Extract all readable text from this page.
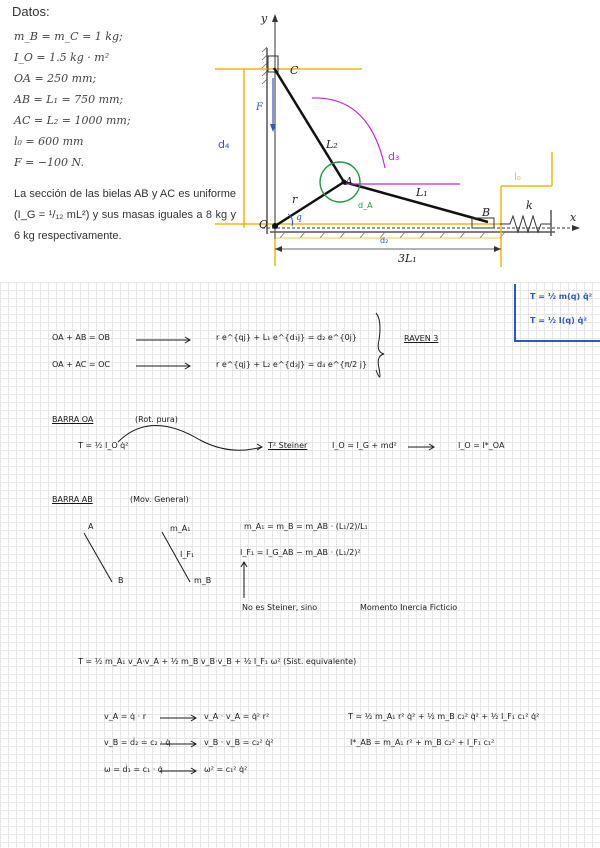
Datos:
m_B = m_C = 1 kg;
I_O = 1.5 kg · m²
OA = 250 mm;
AB = L₁ = 750 mm;
AC = L₂ = 1000 mm;
l₀ = 600 mm
F = −100 N.
La sección de las bielas AB y AC es uniforme (I_G = ¹/₁₂ mL²) y sus masas iguales a 8 kg y 6 kg respectivamente.
y
x
C
F
d₄	L₂
d₃
A
L₁
l₀
r
q
d_A
O
B
k
d₂
3L₁
T = ½ m(q) q̇²
T = ½ I(q) q̇²
OA + AB = OB	r e^{qj} + L₁ e^{d₁j} = d₂ e^{0j}
OA + AC = OC	r e^{qj} + L₂ e^{d₃j} = d₄ e^{π/2 j}
RAVEN 3
BARRA OA	(Rot. pura)
T = ½ I_O q̇²	T² Steiner	I_O = I_G + md²	I_O = I*_OA
BARRA AB	(Mov. General)
A
B
m_A₁
I_F₁
m_B
m_A₁ = m_B = m_AB · (L₁/2)/L₁
I_F₁ = I_G_AB − m_AB · (L₁/2)²
No es Steiner, sino	Momento Inercia Ficticio
T = ½ m_A₁ v_A·v_A + ½ m_B v_B·v_B + ½ I_F₁ ω² (Sist. equivalente)
v_A = q̇ · r	v_A · v_A = q̇² r²
v_B = ḋ₂ = c₂ · q̇	v_B · v_B = c₂² q̇²
ω = ḋ₁ = c₁ · q̇	ω² = c₁² q̇²
T = ½ m_A₁ r² q̇² + ½ m_B c₂² q̇² + ½ I_F₁ c₁² q̇²
I*_AB = m_A₁ r² + m_B c₂² + I_F₁ c₁²
